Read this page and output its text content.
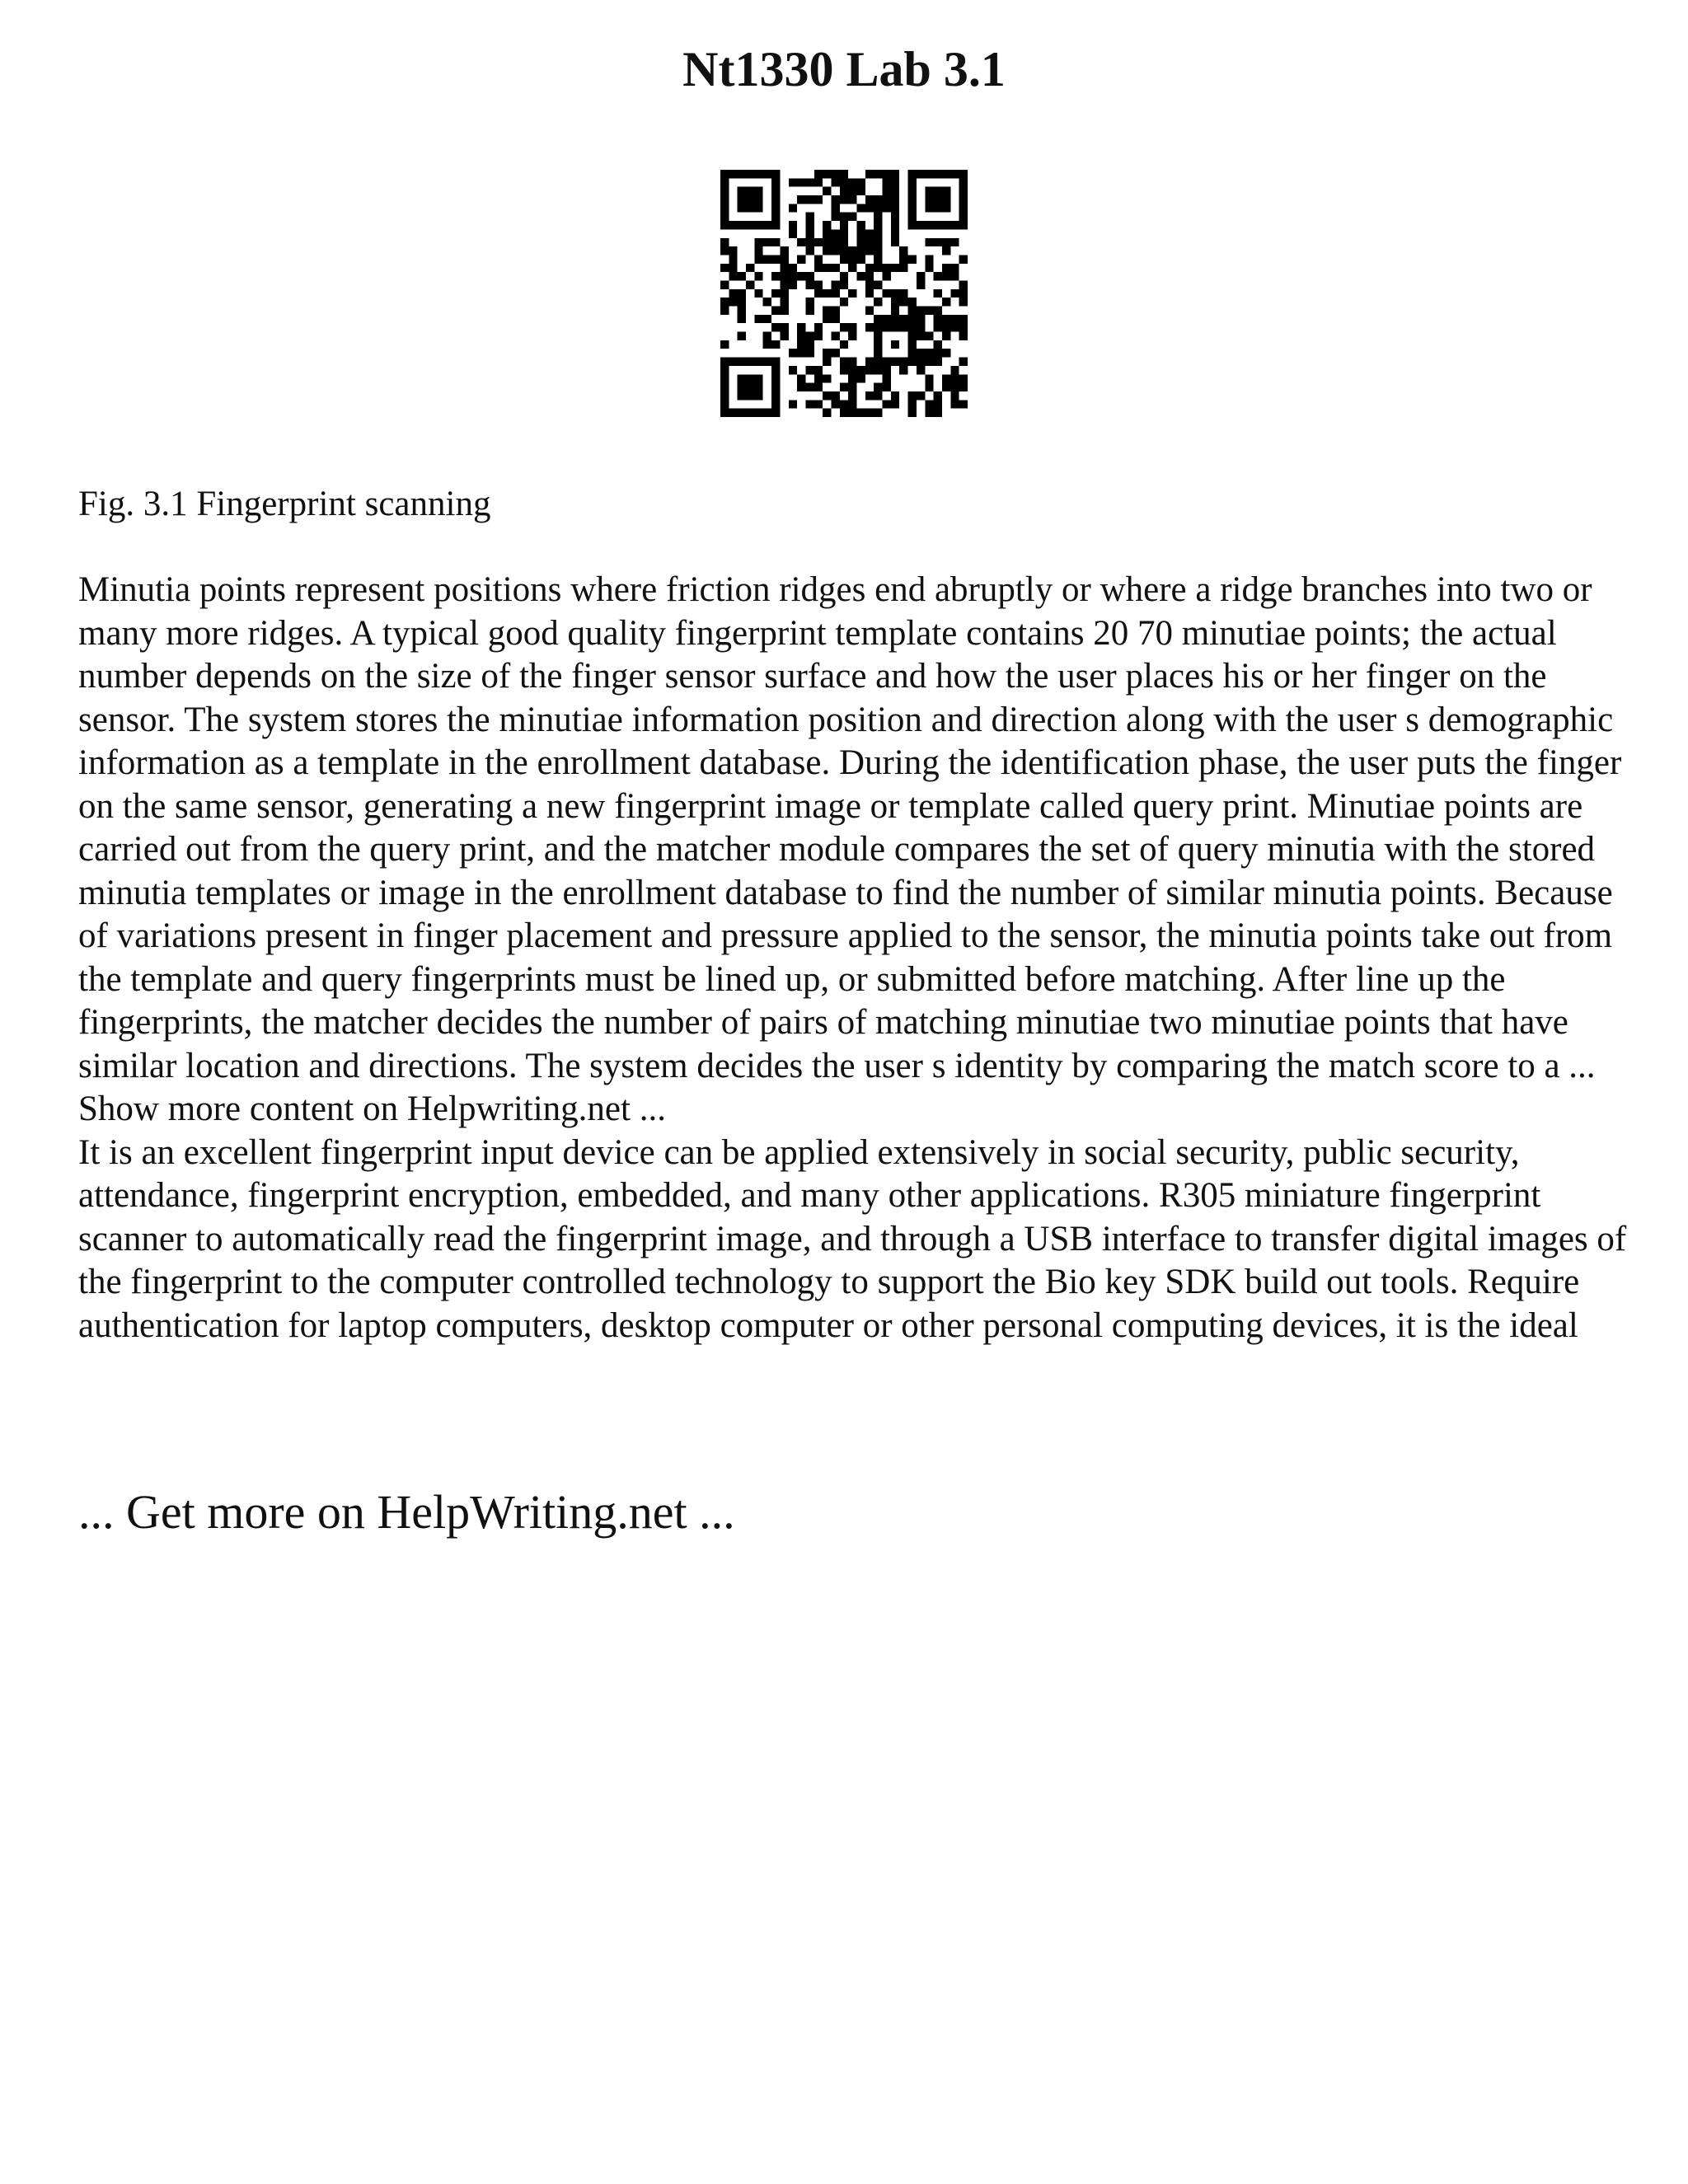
Nt1330 Lab 3.1

Fig. 3.1 Fingerprint scanning

Minutia points represent positions where friction ridges end abruptly or where a ridge branches into two or many more ridges. A typical good quality fingerprint template contains 20 70 minutiae points; the actual number depends on the size of the finger sensor surface and how the user places his or her finger on the sensor. The system stores the minutiae information position and direction along with the user s demographic information as a template in the enrollment database. During the identification phase, the user puts the finger on the same sensor, generating a new fingerprint image or template called query print. Minutiae points are carried out from the query print, and the matcher module compares the set of query minutia with the stored minutia templates or image in the enrollment database to find the number of similar minutia points. Because of variations present in finger placement and pressure applied to the sensor, the minutia points take out from the template and query fingerprints must be lined up, or submitted before matching. After line up the fingerprints, the matcher decides the number of pairs of matching minutiae two minutiae points that have similar location and directions. The system decides the user s identity by comparing the match score to a ... Show more content on Helpwriting.net ...

It is an excellent fingerprint input device can be applied extensively in social security, public security, attendance, fingerprint encryption, embedded, and many other applications. R305 miniature fingerprint scanner to automatically read the fingerprint image, and through a USB interface to transfer digital images of the fingerprint to the computer controlled technology to support the Bio key SDK build out tools. Require authentication for laptop computers, desktop computer or other personal computing devices, it is the ideal

... Get more on HelpWriting.net ...
